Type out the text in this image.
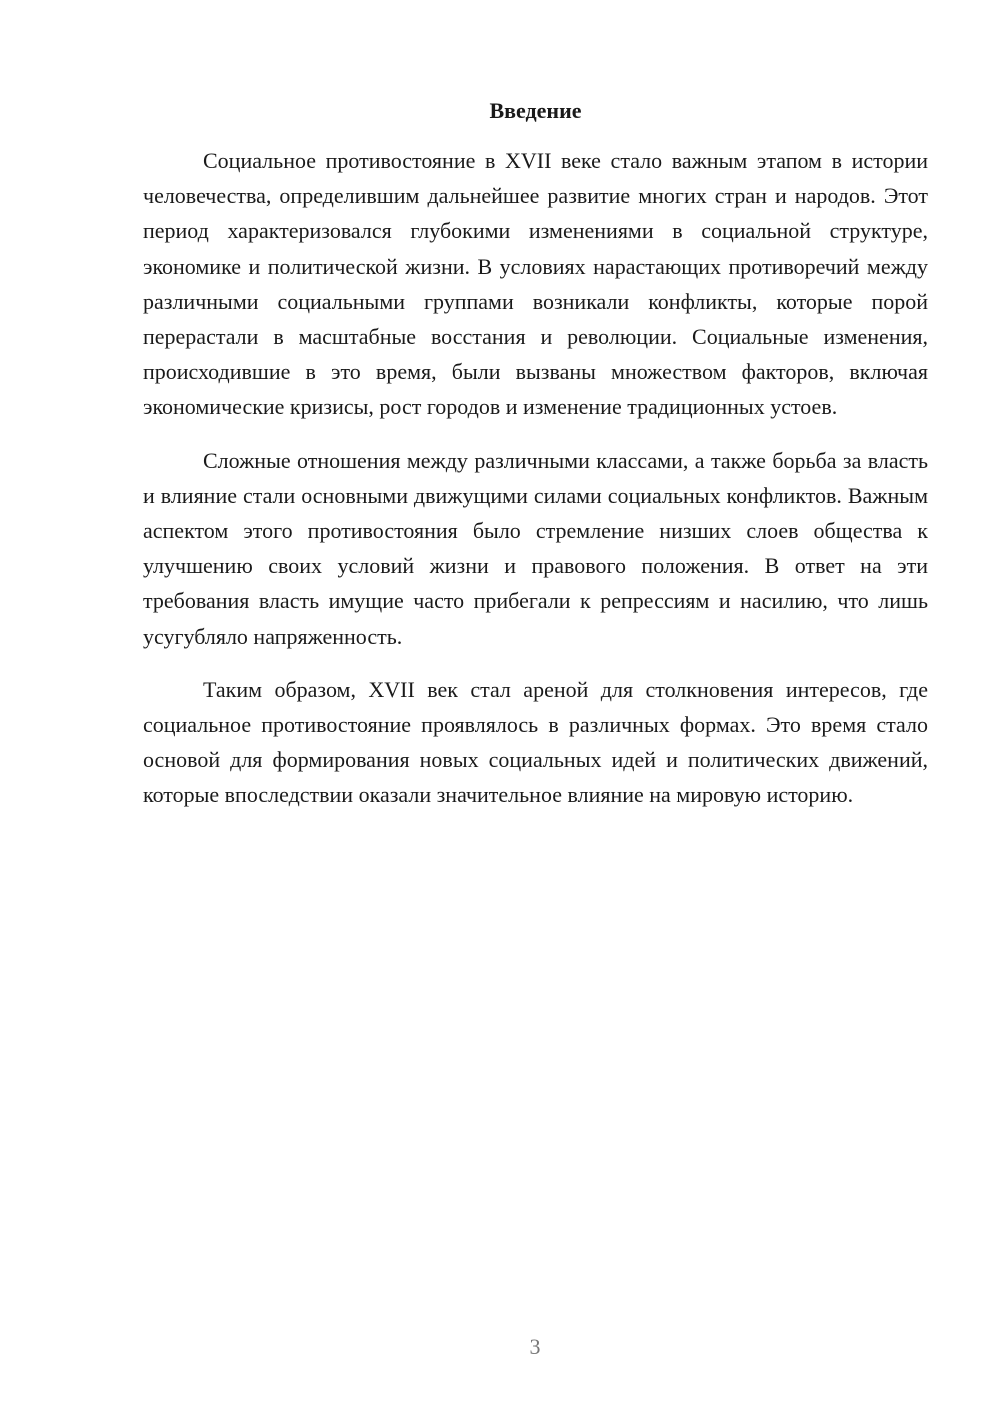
Введение

Социальное противостояние в XVII веке стало важным этапом в истории человечества, определившим дальнейшее развитие многих стран и народов. Этот период характеризовался глубокими изменениями в социальной структуре, экономике и политической жизни. В условиях нарастающих противоречий между различными социальными группами возникали конфликты, которые порой перерастали в масштабные восстания и революции. Социальные изменения, происходившие в это время, были вызваны множеством факторов, включая экономические кризисы, рост городов и изменение традиционных устоев.

Сложные отношения между различными классами, а также борьба за власть и влияние стали основными движущими силами социальных конфликтов. Важным аспектом этого противостояния было стремление низших слоев общества к улучшению своих условий жизни и правового положения. В ответ на эти требования власть имущие часто прибегали к репрессиям и насилию, что лишь усугубляло напряженность.

Таким образом, XVII век стал ареной для столкновения интересов, где социальное противостояние проявлялось в различных формах. Это время стало основой для формирования новых социальных идей и политических движений, которые впоследствии оказали значительное влияние на мировую историю.

3
